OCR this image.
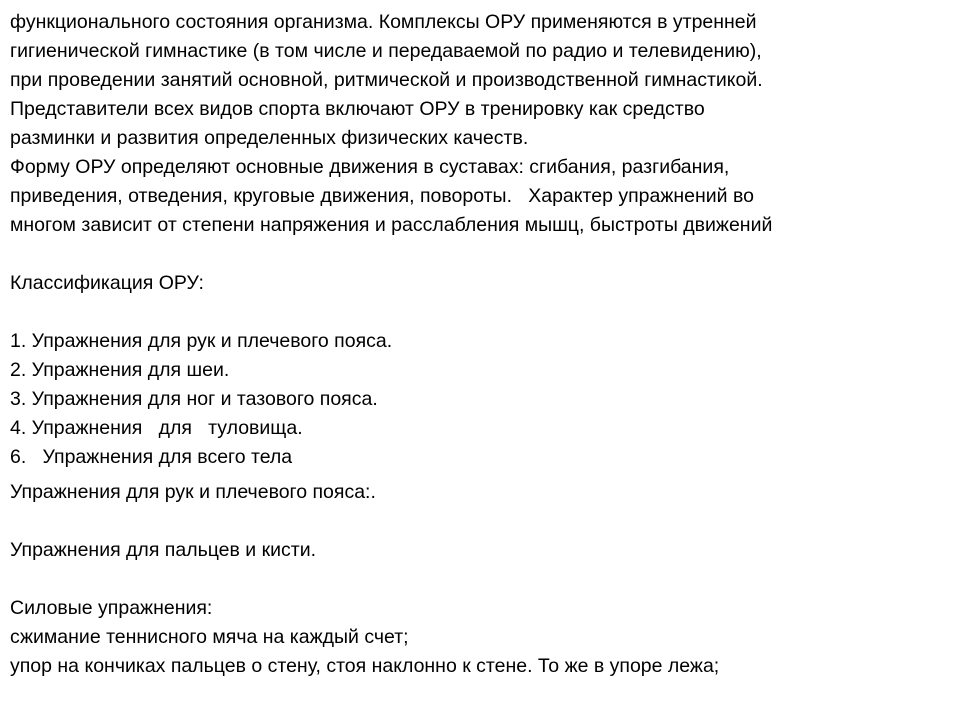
функционального состояния организма. Комплексы ОРУ применяются в утренней
гигиенической гимнастике (в том числе и передаваемой по радио и телевидению),
при проведении занятий основной, ритмической и производственной гимнастикой.
Представители всех видов спорта включают ОРУ в тренировку как средство
разминки и развития определенных физических качеств.
Форму ОРУ определяют основные движения в суставах: сгибания, разгибания,
приведения, отведения, круговые движения, повороты.   Характер упражнений во
многом зависит от степени напряжения и расслабления мышц, быстроты движений
Классификация ОРУ:
1. Упражнения для рук и плечевого пояса.
2. Упражнения для шеи.
3. Упражнения для ног и тазового пояса.
4. Упражнения   для   туловища.
6.   Упражнения для всего тела
Упражнения для рук и плечевого пояса:.
Упражнения для пальцев и кисти.
Силовые упражнения:
сжимание теннисного мяча на каждый счет;
упор на кончиках пальцев о стену, стоя наклонно к стене. То же в упоре лежа;
